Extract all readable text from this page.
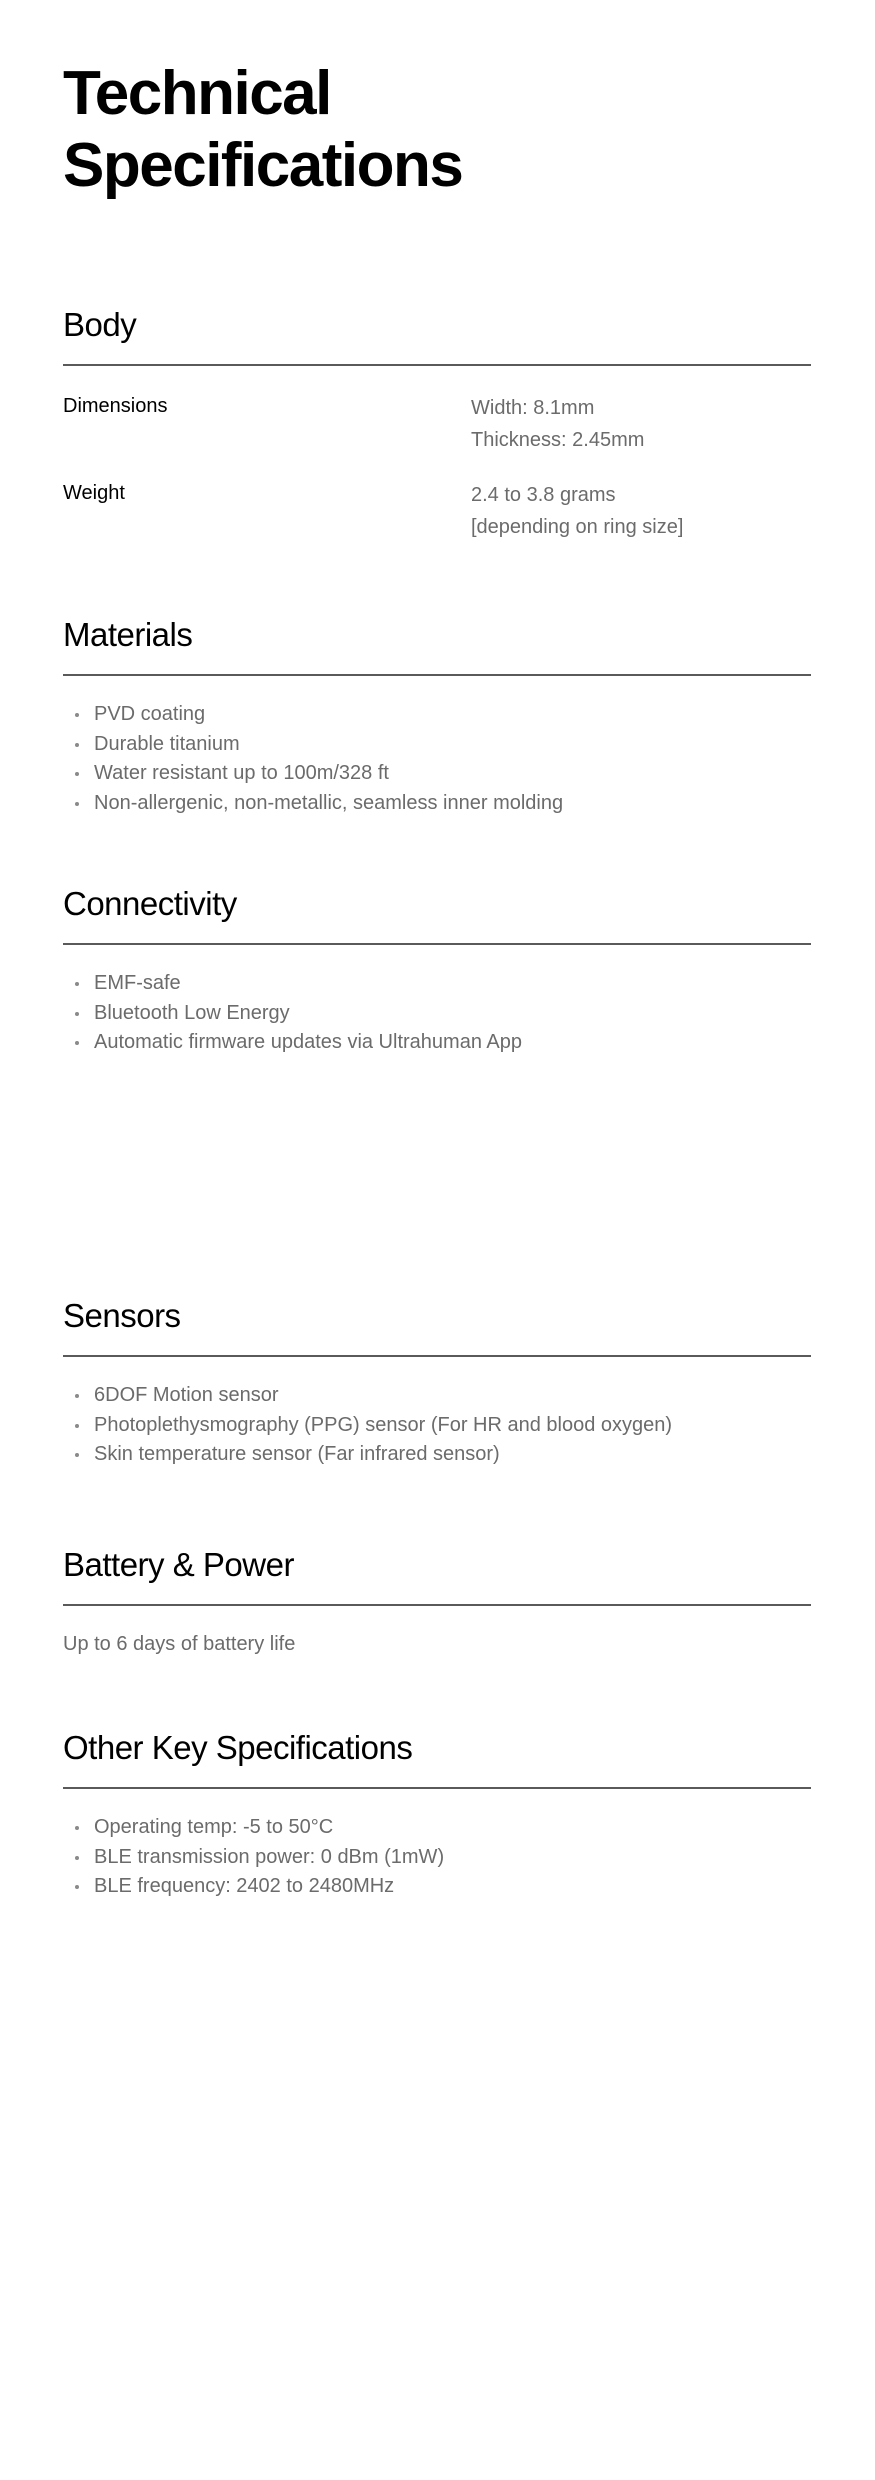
Technical Specifications
Body
Dimensions	Width: 8.1mm
Thickness: 2.45mm
Weight	2.4 to 3.8 grams
[depending on ring size]
Materials
PVD coating
Durable titanium
Water resistant up to 100m/328 ft
Non-allergenic, non-metallic, seamless inner molding
Connectivity
EMF-safe
Bluetooth Low Energy
Automatic firmware updates via Ultrahuman App
Sensors
6DOF Motion sensor
Photoplethysmography (PPG) sensor (For HR and blood oxygen)
Skin temperature sensor (Far infrared sensor)
Battery & Power

Up to 6 days of battery life

Other Key Specifications
Operating temp: -5 to 50°C
BLE transmission power: 0 dBm (1mW)
BLE frequency: 2402 to 2480MHz
